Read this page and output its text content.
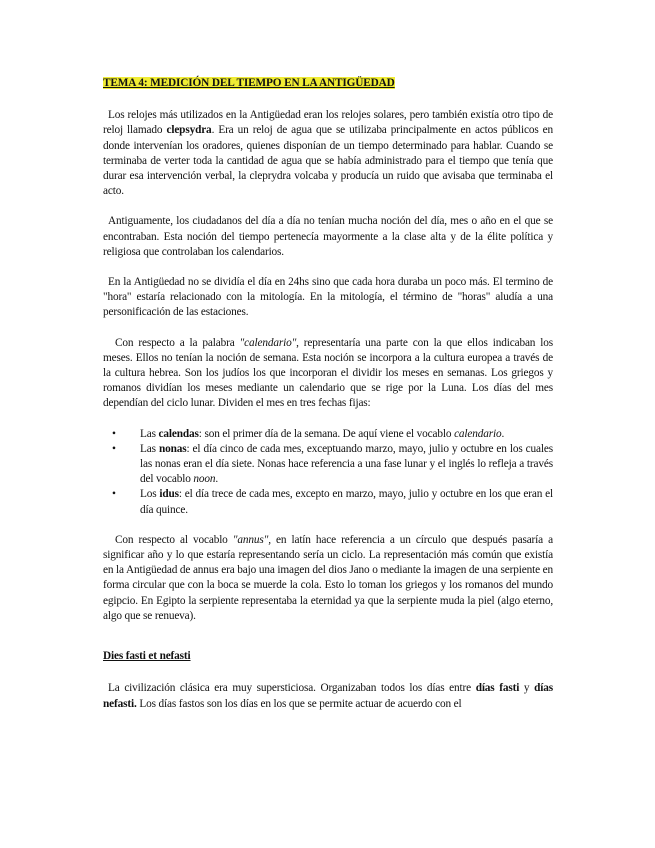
TEMA 4: MEDICIÓN DEL TIEMPO EN LA ANTIGÜEDAD

Los relojes más utilizados en la Antigüedad eran los relojes solares, pero también existía otro tipo de reloj llamado clepsydra. Era un reloj de agua que se utilizaba principalmente en actos públicos en donde intervenían los oradores, quienes disponían de un tiempo determinado para hablar. Cuando se terminaba de verter toda la cantidad de agua que se había administrado para el tiempo que tenía que durar esa intervención verbal, la cleprydra volcaba y producía un ruido que avisaba que terminaba el acto.

Antiguamente, los ciudadanos del día a día no tenían mucha noción del día, mes o año en el que se encontraban. Esta noción del tiempo pertenecía mayormente a la clase alta y de la élite política y religiosa que controlaban los calendarios.

En la Antigüedad no se dividía el día en 24hs sino que cada hora duraba un poco más. El termino de "hora" estaría relacionado con la mitología. En la mitología, el término de "horas" aludía a una personificación de las estaciones.

Con respecto a la palabra "calendario", representaría una parte con la que ellos indicaban los meses. Ellos no tenían la noción de semana. Esta noción se incorpora a la cultura europea a través de la cultura hebrea. Son los judíos los que incorporan el dividir los meses en semanas. Los griegos y romanos dividían los meses mediante un calendario que se rige por la Luna. Los días del mes dependían del ciclo lunar. Dividen el mes en tres fechas fijas:

• Las calendas: son el primer día de la semana. De aquí viene el vocablo calendario.
• Las nonas: el día cinco de cada mes, exceptuando marzo, mayo, julio y octubre en los cuales las nonas eran el día siete. Nonas hace referencia a una fase lunar y el inglés lo refleja a través del vocablo noon.
• Los idus: el día trece de cada mes, excepto en marzo, mayo, julio y octubre en los que eran el día quince.

Con respecto al vocablo "annus", en latín hace referencia a un círculo que después pasaría a significar año y lo que estaría representando sería un ciclo. La representación más común que existía en la Antigüedad de annus era bajo una imagen del dios Jano o mediante la imagen de una serpiente en forma circular que con la boca se muerde la cola. Esto lo toman los griegos y los romanos del mundo egipcio. En Egipto la serpiente representaba la eternidad ya que la serpiente muda la piel (algo eterno, algo que se renueva).

Dies fasti et nefasti

La civilización clásica era muy supersticiosa. Organizaban todos los días entre días fasti y días nefasti. Los días fastos son los días en los que se permite actuar de acuerdo con el
